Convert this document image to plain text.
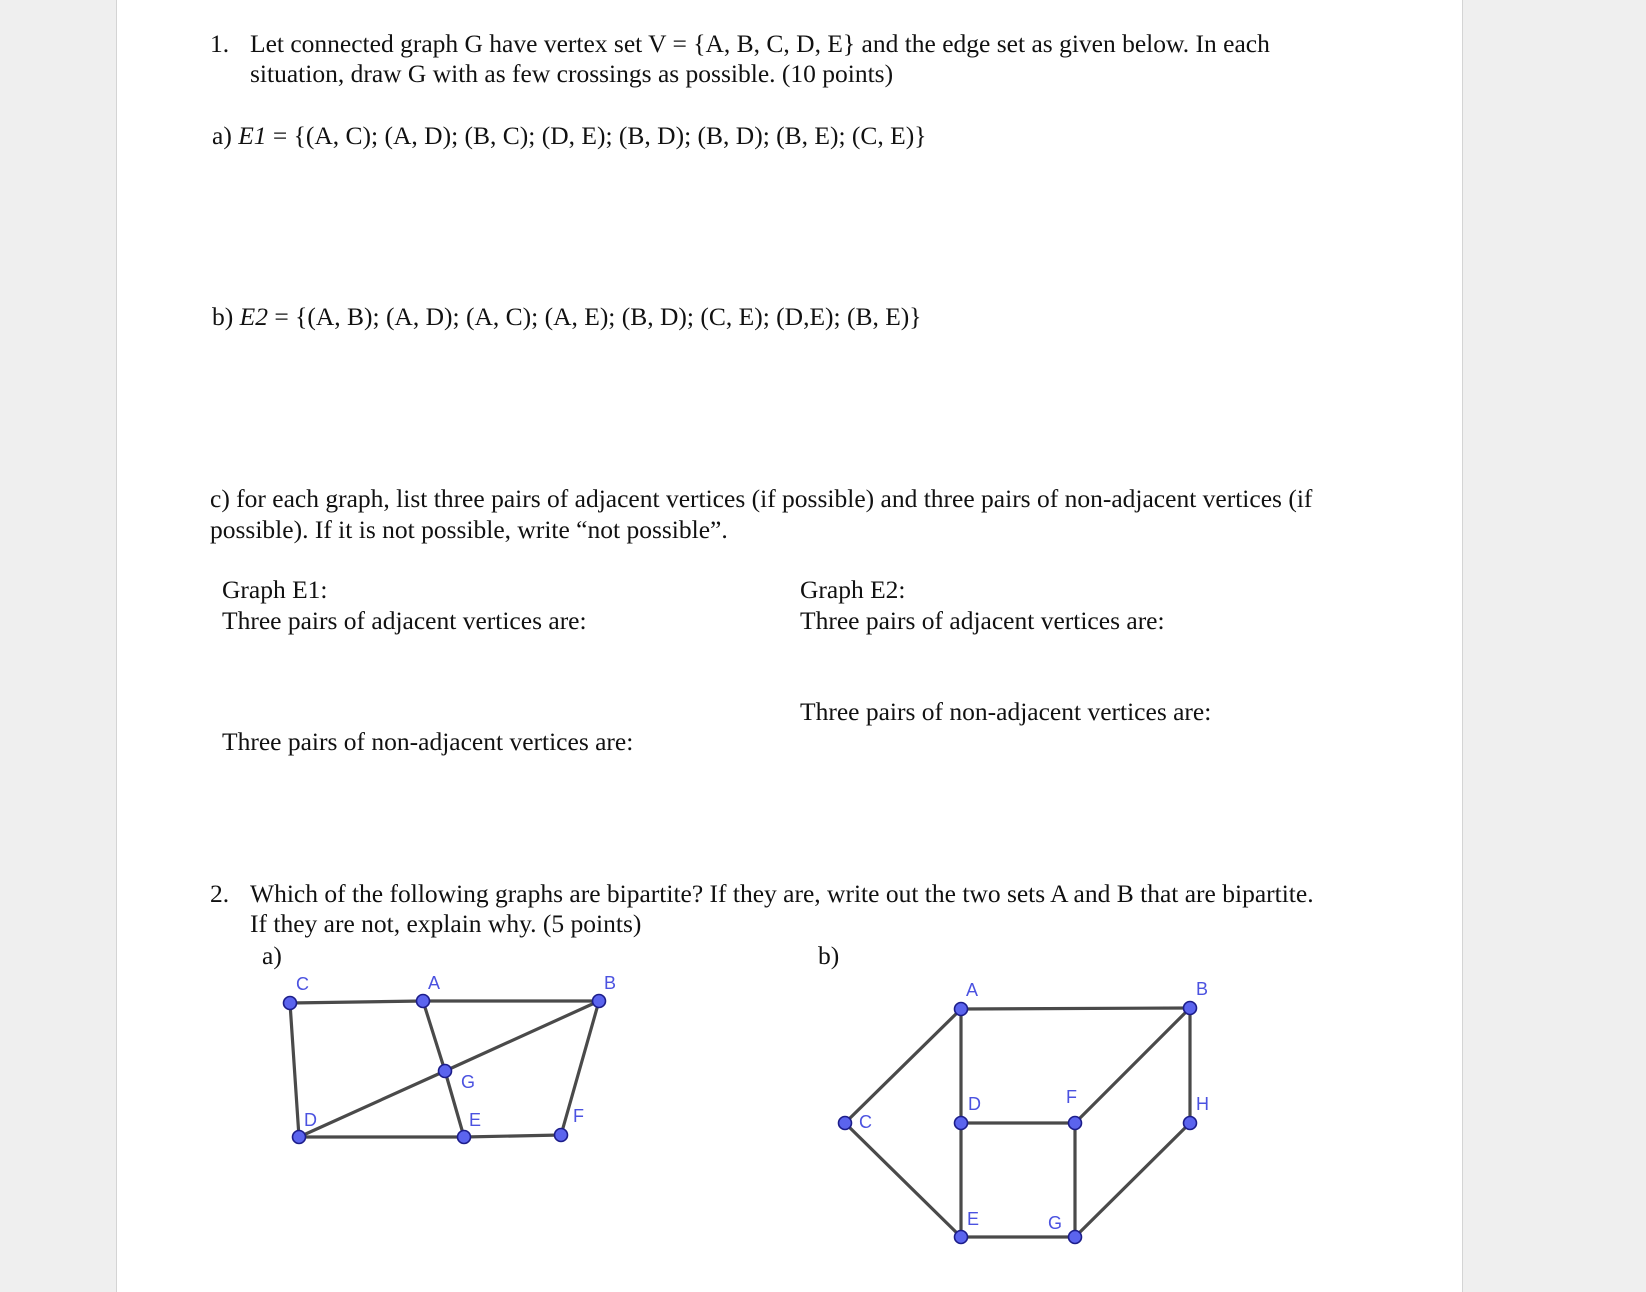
1. Let connected graph G have vertex set V = {A, B, C, D, E} and the edge set as given below. In each
situation, draw G with as few crossings as possible. (10 points)
a) E1 = {(A, C); (A, D); (B, C); (D, E); (B, D); (B, D); (B, E); (C, E)}
b) E2 = {(A, B); (A, D); (A, C); (A, E); (B, D); (C, E); (D,E); (B, E)}
c) for each graph, list three pairs of adjacent vertices (if possible) and three pairs of non-adjacent vertices (if
possible). If it is not possible, write “not possible”.
Graph E1:
Three pairs of adjacent vertices are:
Three pairs of non-adjacent vertices are:
Graph E2:
Three pairs of adjacent vertices are:
Three pairs of non-adjacent vertices are:
2. Which of the following graphs are bipartite? If they are, write out the two sets A and B that are bipartite.
If they are not, explain why. (5 points)
a)	b)
C	A	B
G
D	E	F
A	B
C
D	F	H
E	G
